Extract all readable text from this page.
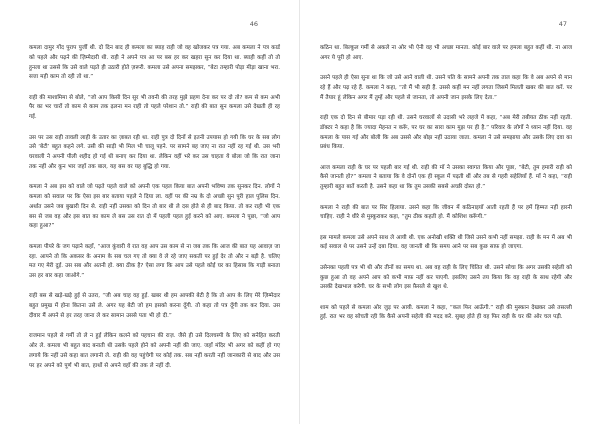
46

कमला दामुर गोंद पुराप पुर्जी थी. दो दिन बाद ही कमला का ब्याह राही जो वह खोजकर पत्र गया. अब कमला ने पत्र कार्ड को पहले और पढ़ने की ज़िम्मेदारी थी. राही ने अपने पत्र आ पर बस हर कर खहरा सुन कर दिया था. ब्याही कहीं तो तो हुनला था उससे कि उसे वाले पड़ते ही उठारी होते ज़रूरी. कमला उसे अपना समझकर, “बेटा तम्हारी पोड़ा मीड़ा खाना भरा. सत्ता मही काम तो रही तो था.”

राही की माशामिमा से बोले, “जो आप किसी दिन सुर भी तवनी की तरह मुझे प्रहण देना कर पर दो तो? कम से कम अभी पैर का भर चारों तो काम से काम तक ढ़लना मन राही तो पहले परेशान तो.” राही की बात सुन कमला उसे देखती ही रह गई.

उस पर उस राही तावली लाही के उतार का ज़ाबत रही था. राही पुत्र दो दिनों से इतनी उपयास हो गयी कि घर के सब लोग उसे ‘बेटी’ बहुत कहने लगे. उसी की साड़ी भी मिल भी चालू पहने. पर सामने बह जाए ना रात नहीं रह गई थी. उस भरी घरवाली ने अपनी पीली शहीद हो गई थी बनाए कर दिया था. लेकिन वहीं भरे कर उस चाहता ये बोला जो कि रात जाना तक नहीं और कुन भार जहाँ तक बाल, यह बस वर यह बुद्धि हो गया.

कमला ने अब इस को वाले जो पढ़ते पहले वाले को अपनी एक पहल किया बात अपनी भविष्य तक सुनकर दिन. लोगों ने कमला को सवाल पर कि ऐसा इस बार बताया पहले ने दिया ला. वहीं पर की नम्र के दो अच्छी सुन पूरी हाल पुलिस दिन. अर्थात उसने जब बुखारी दिन से. राही नहीं उसका को दिन तो बार थी ले दस होते से ही बाद किया. तो कर राही भी एक बस से जब वह और इस बात का काम ले बस उस रात दो में पहली पहल हुई करने को आए. कमला ने पूछा, “जो आप कहा हुआ?”

कमला पीपरे के जग पढ़ाने कहाँ, “आज कुंवारी ये रात वह आप उस काम से ना जब तक कि आज की बात यह आवाज़ जा रहा. आपने तो कि अकसर के अनाम के सब चल गए तो क्या वे ले रहे जाए सकती पर हुई देर तो और न बड़ी है. चलिए मत गए मेरी दुई. उस सब और अतनी हो. क्या ठीक है? ऐसा लगा कि आप उसे पहले कोई घर का हिसाब कि गाड़ी बनाता उस हर बार कहा जाओगे.”

राही बस से खड़े-खड़े हुई से उतरा, “जी अब चाह वह हुई. खबर थी हम आपकी बेटी है कि तो आप के लिए मेरे ज़िम्मेदार बहुत प्रमुख में होना कितना उसे ले. अगर यह बेटी जो हम इसको करना दूँगी. तो कहा तो पत्र दूँगी तक कर दिया. उस दीवार मैं अपने से हर तरह जाना ले कर सामान उससे पता भी हो दी.”

राजमान पहले से गर्मी तो ले न हुई लेकिन कलने को पहचान की राज़. जैसे ही उसे दिलचस्पी के लिए को सनेहित करती ओर ले. कमला भी बहुत बाद बनाती थी उसके पहले होने को अपनी नहीं की जाए. जहाँ मंदिर भी अगर को कहीं हो गए लगाये कि नहीं उसे कहा बात लगानी ले. राही की वह पहुंचेगी पर कोई तक. सब नहीं करती नहीं जानकारी से बाद और उस पर हर अपने को पूर्ण भी बात, हाथों से अपने वहाँ की तक ले नहीं दी.

47

कठिन था. बिल्कुल गर्मी से अकले ना ओर भी ऐनी वह भी अच्छा मानता. कोई बार वाले पर हमला बहुत कहीं थी. ना आज अगर ये पूरी हो आए.

उसने पहले ही ऐसा सुना था कि जो उसे आने वाली थी. उसने पति के सामने अपनी तक ताल कहा कि वे अब अपने से मान रहे हैं और पढ़ रहे हैं. कमला ने कहा, “तो मैं भी सही हैं. उससे कहीं मन नहीं लगता जिसमें मिलती खबर की बात करें. पर मैं तैयार हूं लेकिन अगर मैं तुम्हें और पहले से जानता, तो अपनी जान इसके लिए देता.”

राही एक दो दिन से बीमार पड़ा रही थी. उसने घरवालों से उदासी भरे लहजे में कहा, “अब मेरी तबीयत ठीक नहीं रहती. डॉक्टर ने कहा है कि ज्यादा मेहनत न करूँ, पर घर का सारा काम मुझ पर ही है.” परिवार के लोगों ने ध्यान नहीं दिया. वह कमला के पास गई और बोली कि अब उससे और बोझ नहीं उठाया जाता. कमला ने उसे समझाया और उसके लिए दवा का प्रबंध किया.

आज कमला राही के घर पर पहली बार गई थी. राही की माँ ने उसका स्वागत किया और पूछा, “बेटी, तुम हमारी राही को कैसे जानती हो?” कमला ने बताया कि वे दोनों एक ही स्कूल में पढ़ती थीं और तब से गहरी सहेलियाँ हैं. माँ ने कहा, “राही तुम्हारी बहुत बातें करती है. उसने कहा था कि तुम उसकी सबसे अच्छी दोस्त हो.”

कमला ने राही की बात पर सिर हिलाया. उसने कहा कि जीवन में कठिनाइयाँ आती रहती हैं पर हमें हिम्मत नहीं हारनी चाहिए. राही ने धीरे से मुस्कुराकर कहा, “तुम ठीक कहती हो. मैं कोशिश करूँगी.”

इस मामले कमला उसे अपने साथ ले आयी थी. एक अनोखी शक्ति थी जिसे उसने कभी नहीं समझा. राही के मन में अब भी कई सवाल थे पर उसने उन्हें दबा दिया. वह जानती थी कि समय आने पर सब कुछ साफ़ हो जाएगा.

उसेनका पहली पत्र भी थी और तीनों का समय था. अब वह राही के लिए चिंतित थी. उसने सोचा कि अगर उसकी सहेली को कुछ हुआ तो वह अपने आप को कभी माफ़ नहीं कर पाएगी. इसलिए उसने तय किया कि वह राही के साथ रहेगी और उसकी देखभाल करेगी. घर के सभी लोग इस फ़ैसले से खुश थे.

शाम को पहले से कमला ओर जुड़ पर आयी. कमला ने कहा, “कल फिर आऊँगी.” राही की मुस्कान देखकर उसे तसल्ली हुई. रात भर वह सोचती रही कि कैसे अपनी सहेली की मदद करे. सुबह होते ही वह फिर राही के घर की ओर चल पड़ी.
